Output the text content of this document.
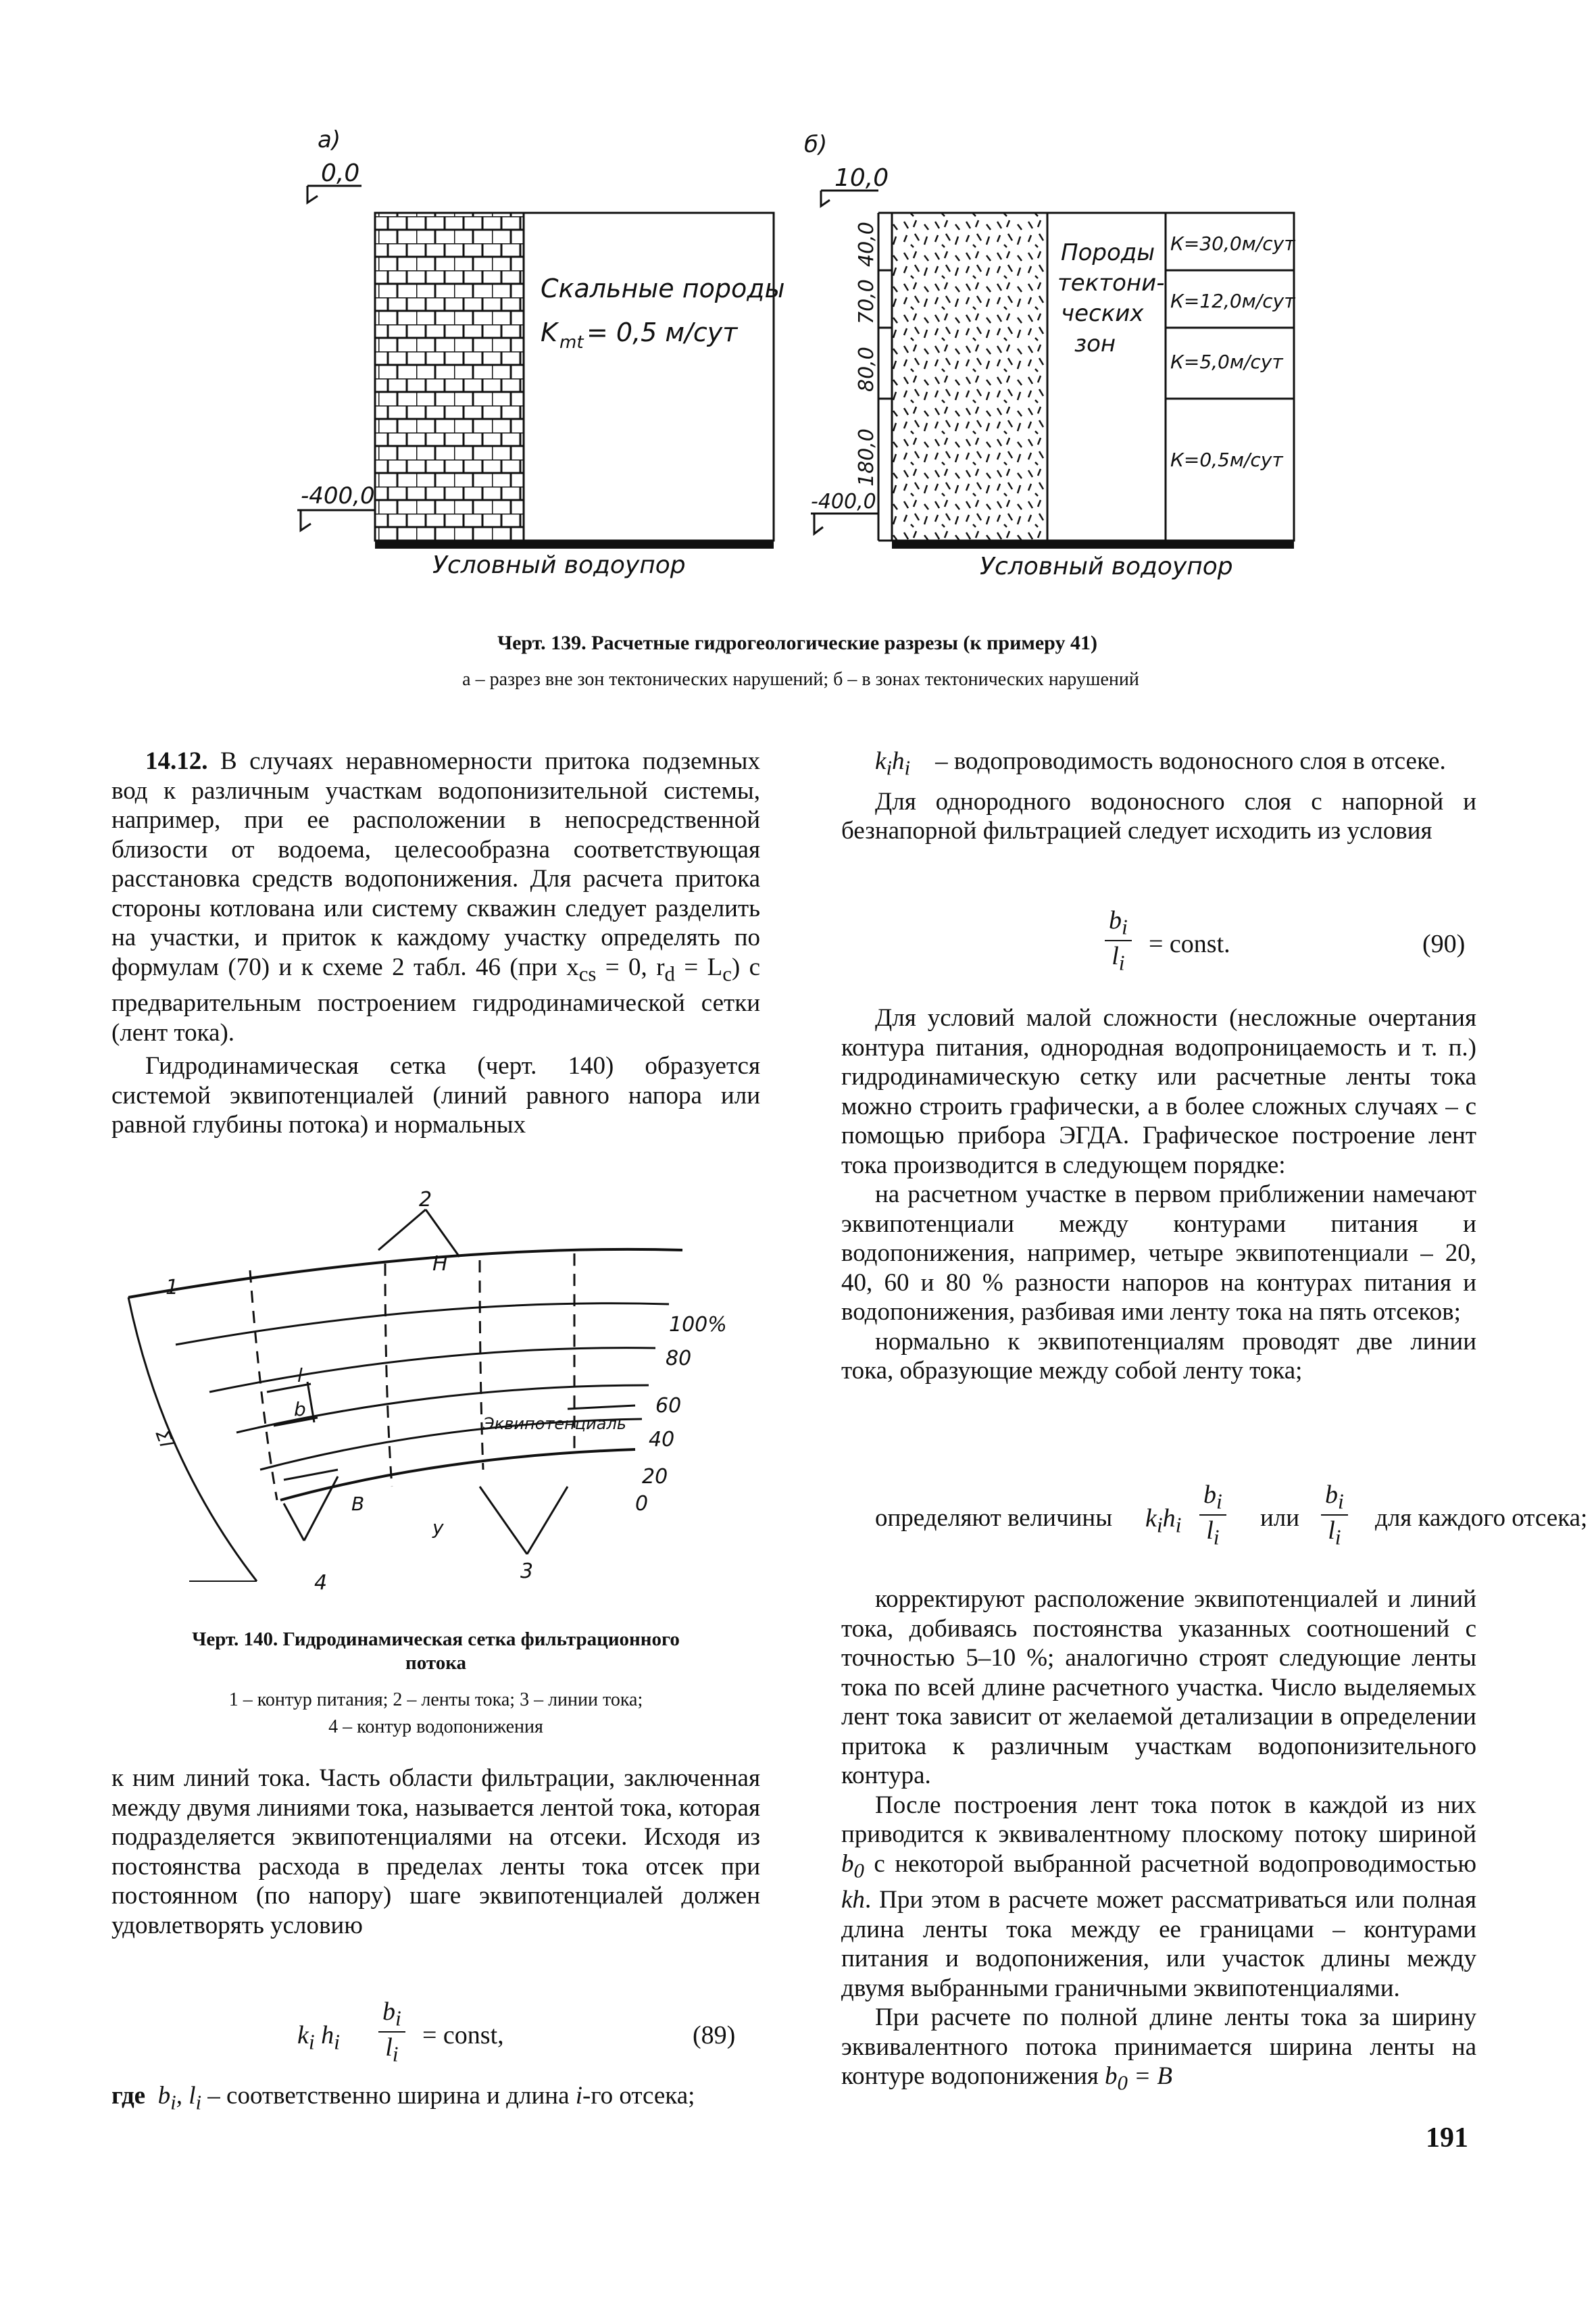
а)
0,0
Скальные породы
K mt = 0,5 м/сут
-400,0
Условный водоупор
б)
10,0
40,0
70,0
80,0
180,0
Породы
тектони-
ческих
зон
К=30,0м/сут
К=12,0м/сут
К=5,0м/сут
К=0,5м/сут
-400,0
Условный водоупор
Черт. 139. Расчетные гидрогеологические разрезы (к примеру 41)
а – разрез вне зон тектонических нарушений; б – в зонах тектонических нарушений

14.12. В случаях неравномерности притока подземных вод к различным участкам водопонизительной системы, например, при ее расположении в непосредственной близости от водоема, целесообразна соответствующая расстановка средств водопонижения. Для расчета притока стороны котлована или систему скважин следует разделить на участки, и приток к каждому участку определять по формулам (70) и к схеме 2 табл. 46 (при $x_{cs} = 0$, $r_d = L_c$) с предварительным построением гидродинамической сетки (лент тока).

Гидродинамическая сетка (черт. 140) образуется системой эквипотенциалей (линий равного напора или равной глубины потока) и нормальных

2
1
Н
100%
80
60
40
20
0
Эквипотенциаль
l
b
В
у
3
4
Σl
Черт. 140. Гидродинамическая сетка фильтрационного
потока
1 – контур питания; 2 – ленты тока; 3 – линии тока;
4 – контур водопонижения

к ним линий тока. Часть области фильтрации, заключенная между двумя линиями тока, называется лентой тока, которая подразделяется эквипотенциалями на отсеки. Исходя из постоянства расхода в пределах ленты тока отсек при постоянном (по напору) шаге эквипотенциалей должен удовлетворять условию

$k_i$ $h_i \frac{b_i}{l_i}$ = const,	(89)

где $b_i$, $l_i$ – соответственно ширина и длина i-го отсека;

$k_ih_i$    – водопроводимость водоносного слоя в отсеке.

Для однородного водоносного слоя с напорной и безнапорной фильтрацией следует исходить из условия

$\frac{b_i}{l_i}$ = const.	(90)

Для условий малой сложности (несложные очертания контура питания, однородная водопроницаемость и т. п.) гидродинамическую сетку или расчетные ленты тока можно строить графически, а в более сложных случаях – с помощью прибора ЭГДА. Графическое построение лент тока производится в следующем порядке:

на расчетном участке в первом приближении намечают эквипотенциали между контурами питания и водопонижения, например, четыре эквипотенциали – 20, 40, 60 и 80 % разности напоров на контурах питания и водопонижения, разбивая ими ленту тока на пять отсеков;

нормально к эквипотенциалям проводят две линии тока, образующие между собой ленту тока;

определяют величины $k_ih_i \frac{b_i}{l_i}$ или $\frac{b_i}{l_i}$ для каждого отсека;

корректируют расположение эквипотенциалей и линий тока, добиваясь постоянства указанных соотношений с точностью 5–10 %; аналогично строят следующие ленты тока по всей длине расчетного участка. Число выделяемых лент тока зависит от желаемой детализации в определении притока к различным участкам водопонизительного контура.

После построения лент тока поток в каждой из них приводится к эквивалентному плоскому потоку шириной $b_0$ с некоторой выбранной расчетной водопроводимостью kh. При этом в расчете может рассматриваться или полная длина ленты тока между ее границами – контурами питания и водопонижения, или участок длины между двумя выбранными граничными эквипотенциалями.

При расчете по полной длине ленты тока за ширину эквивалентного потока принимается ширина ленты на контуре водопонижения $b_0 = B$

191
